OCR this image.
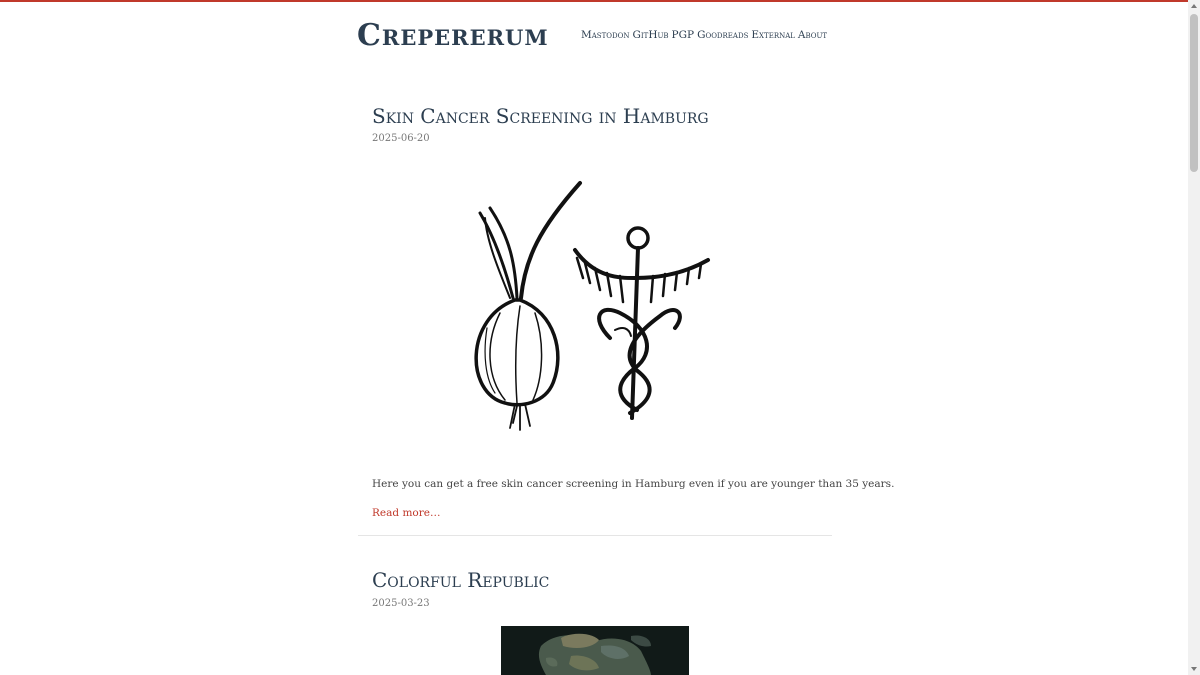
Crepererum	Mastodon GitHub PGP Goodreads External About
Skin Cancer Screening in Hamburg
2025-06-20

Here you can get a free skin cancer screening in Hamburg even if you are younger than 35 years.

Read more…
Colorful Republic
2025-03-23
